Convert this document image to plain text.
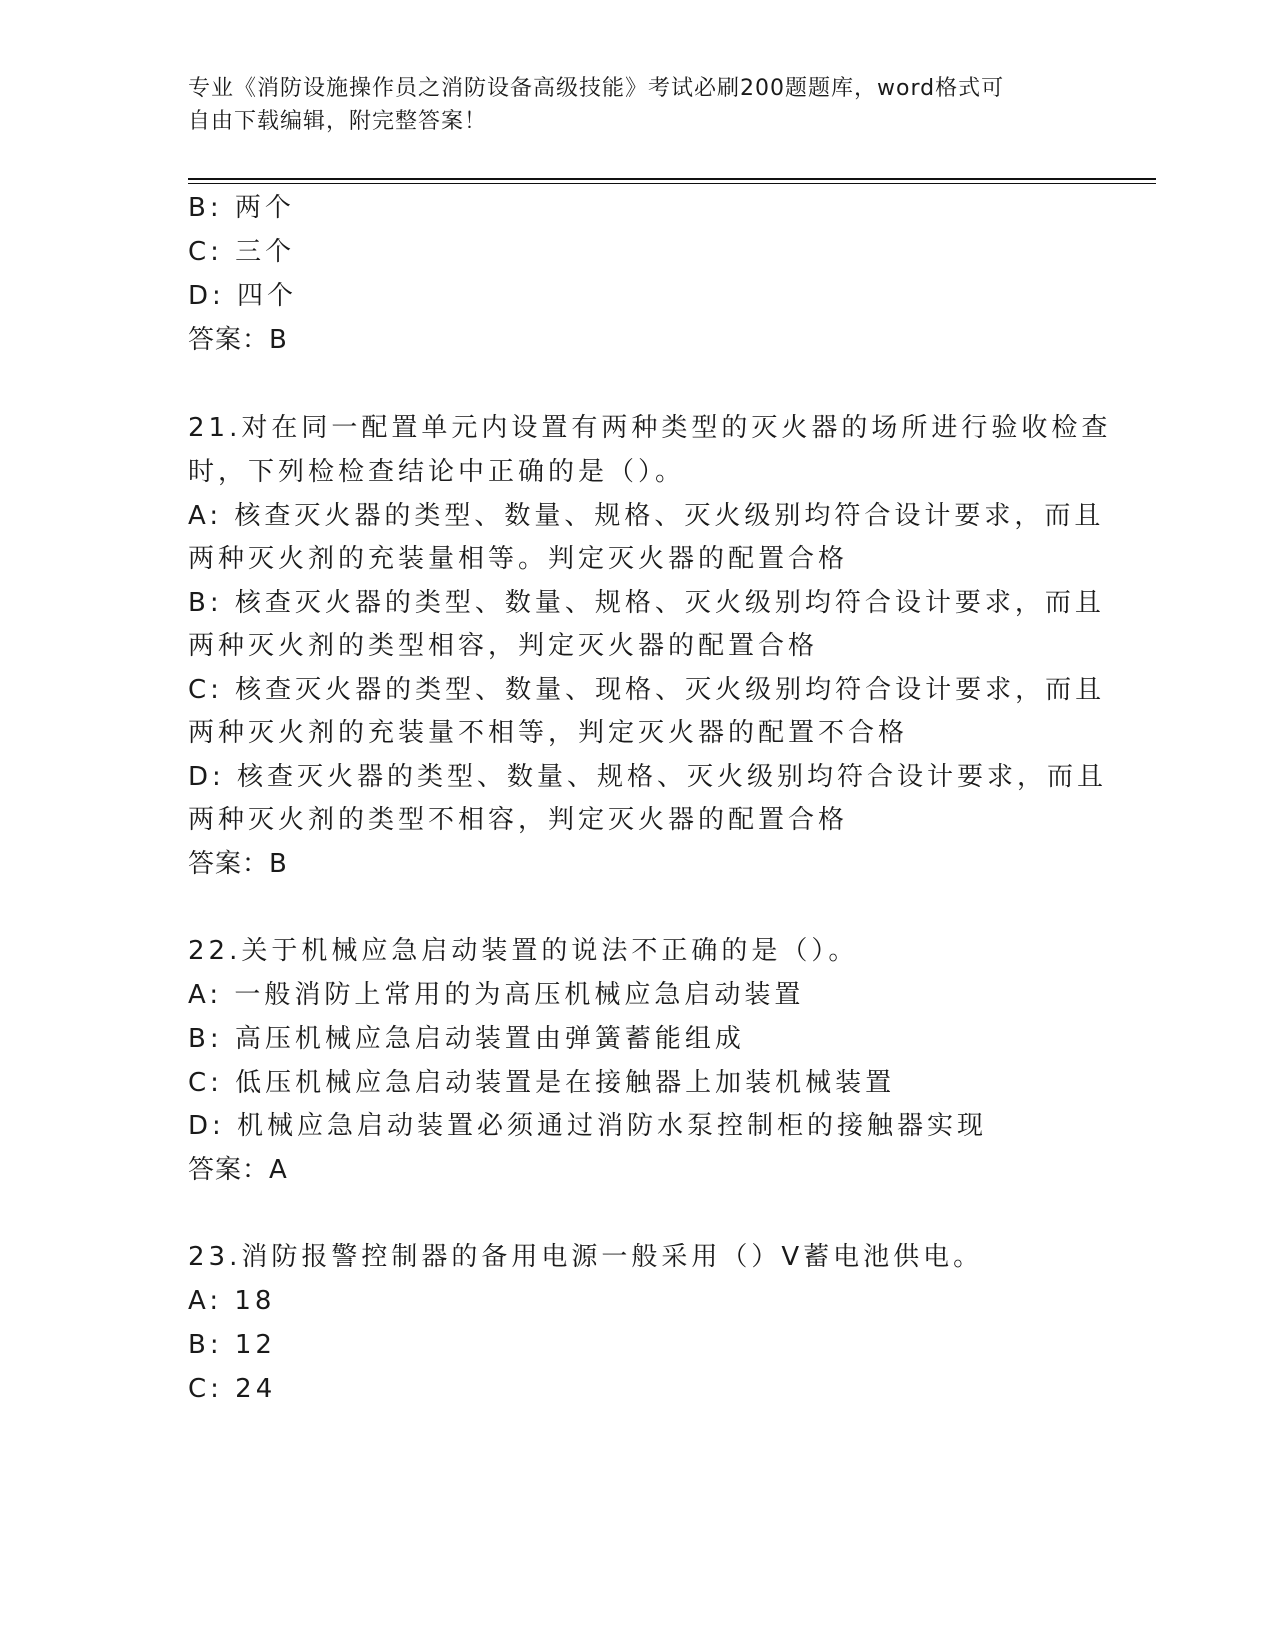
专业《消防设施操作员之消防设备高级技能》考试必刷200题题库，word格式可
自由下载编辑，附完整答案！
B: 两个
C: 三个
D: 四个
答案：B
21.对在同一配置单元内设置有两种类型的灭火器的场所进行验收检查
时，下列检检查结论中正确的是（）。
A: 核查灭火器的类型、数量、规格、灭火级别均符合设计要求，而且
两种灭火剂的充装量相等。判定灭火器的配置合格
B: 核查灭火器的类型、数量、规格、灭火级别均符合设计要求，而且
两种灭火剂的类型相容，判定灭火器的配置合格
C: 核查灭火器的类型、数量、现格、灭火级别均符合设计要求，而且
两种灭火剂的充装量不相等，判定灭火器的配置不合格
D: 核查灭火器的类型、数量、规格、灭火级别均符合设计要求，而且
两种灭火剂的类型不相容，判定灭火器的配置合格
答案：B
22.关于机械应急启动装置的说法不正确的是（）。
A: 一般消防上常用的为高压机械应急启动装置
B: 高压机械应急启动装置由弹簧蓄能组成
C: 低压机械应急启动装置是在接触器上加装机械装置
D: 机械应急启动装置必须通过消防水泵控制柜的接触器实现
答案：A
23.消防报警控制器的备用电源一般采用（）V蓄电池供电。
A: 18
B: 12
C: 24
